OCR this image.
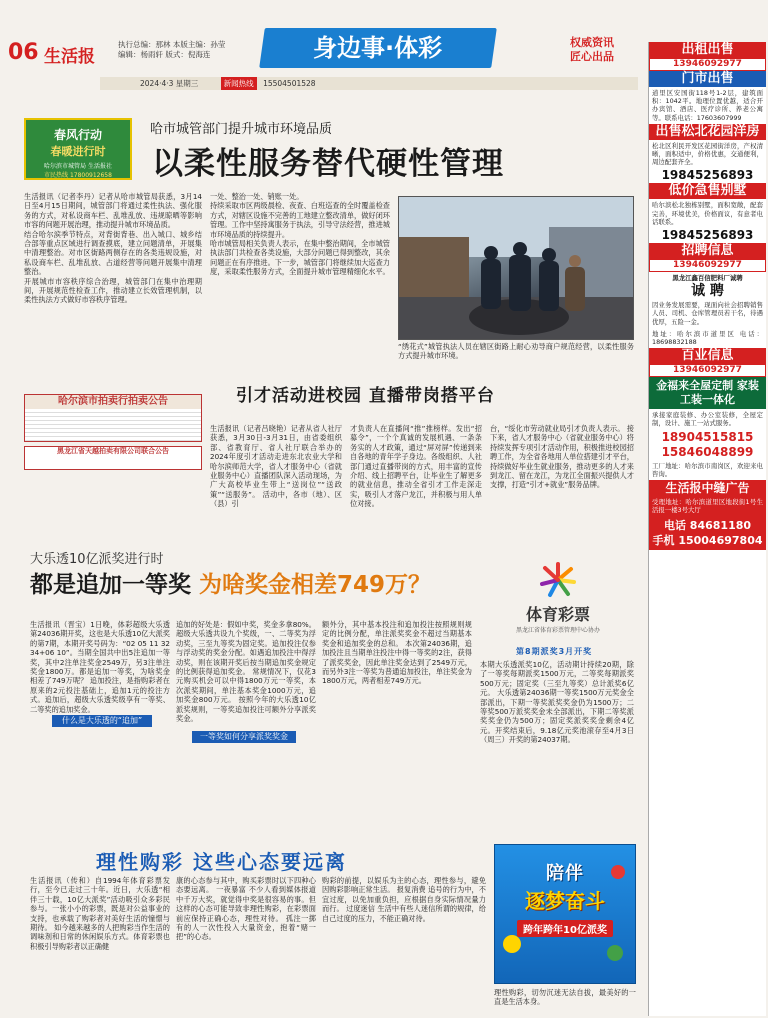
06 生活报
执行总编：那林 本版主编：孙莹
编辑：杨雨轩 版式：倪海连	身边事·体彩	权威资讯
匠心出品
2024·4·3 星期三	新闻热线 15504501528
春风行动
春暖进行时
哈尔滨市城管局 生活报社
市民热线 17800912658
哈市城管部门提升城市环境品质
以柔性服务替代硬性管理
生活报讯（记者李丹）记者从哈市城管局获悉，3月14日至4月15日期间，城管部门将通过柔性执法、强化服务的方式，对私设商车栏、乱堆乱放、违规晾晒等影响市容的问题开展治理，推动提升城市环境品质。
结合哈尔滨季节特点，对背街背巷、出入城口、城乡结合部等重点区域进行调查摸底，建立问题清单，开展集中清理整治。对市区街路两侧存在的各类违规设施，对私设商车栏、乱堆乱放、占道经营等问题开展集中清理整治。
开展城市市容秩序综合治理，城管部门在集中治理期间，开展规范性检查工作，推动建立长效管理机制，以柔性执法方式做好市容秩序管理。
一处、整治一处、销账一处。
持续采取市区两级晨检、夜查、白班巡查的全时覆盖检查方式，对辖区设施不完善的工地建立整改清单，做好闭环管理。工作中坚持寓服务于执法，引导守法经营，推进城市环境品质的持续提升。
哈市城管局相关负责人表示，在集中整治期间，全市城管执法部门共检查各类设施，大部分问题已得到整改，其余问题正在有序推进。下一步，城管部门将继续加大巡查力度，采取柔性服务方式，全面提升城市管理精细化水平。
“绣花式”城管执法人员在辖区街路上耐心劝导商户规范经营，以柔性服务方式提升城市环境。
哈尔滨市拍卖行拍卖公告
黑龙江省天越拍卖有限公司联合公告
引才活动进校园 直播带岗搭平台
生活报讯（记者吕晓艳）记者从省人社厅获悉，3月30日-3月31日，由省委组织部、省教育厅、省人社厅联合举办的2024年度引才活动走进东北农业大学和哈尔滨师范大学，省人才服务中心（省就业服务中心）直播团队深入活动现场，为广大高校毕业生带上“送岗位”“送政策”“送服务”。 活动中，各市（地）、区（县）引
才负责人在直播间“推”推榜样。发出“招募令”，一个个真诚的发展机遇、一条条务实的人才政策，通过“屏对屏”传递到来自各地的青年学子身边。各级组织、人社部门通过直播带岗的方式，用丰富的宣传介绍、线上招聘平台，让毕业生了解更多的就业信息，推动全省引才工作走深走实，吸引人才落户龙江，并积极与用人单位对接。
台，“绥化市劳动就业局引才负责人表示。 接下来，省人才服务中心（省就业服务中心）将持续发挥专项引才活动作用，积极推进校园招聘工作，为全省各地用人单位搭建引才平台，持续做好毕业生就业服务，推动更多的人才来到龙江、留在龙江，为龙江全面振兴提供人才支撑，打造“引才+就业”服务品牌。
大乐透10亿派奖进行时
都是追加一等奖 为啥奖金相差749万？
体育彩票
黑龙江省体育彩票管理中心协办
第8期派奖3月开奖
生活报讯（晋宝）1日晚，体彩超级大乐透第24036期开奖，这也是大乐透10亿大派奖的第7期，本期开奖号码为：“02 05 11 32 34+06 10”。当期全国共中出5注追加一等奖，其中2注单注奖金2549万，另3注单注奖金1800万。都是追加一等奖，为啥奖金相差了749万呢？ 追加投注，是指购彩者在原来的2元投注基础上，追加1元的投注方式。追加后，超级大乐透奖级享有一等奖、二等奖的追加奖金。
什么是大乐透的“追加”
追加的好处是：假如中奖，奖金多拿80%。超级大乐透共设九个奖级，一、二等奖为浮动奖，三至九等奖为固定奖。追加投注仅参与浮动奖的奖金分配。如遇追加投注中得浮动奖，则在该期开奖后按当期追加奖金规定的比例获得追加奖金。 常规情况下，仅花3元购买机会可以中得1800万元一等奖，本次派奖期间，单注基本奖金1000万元，追加奖金800万元。 按照今年的大乐透10亿派奖规则，一等奖追加投注可额外分享派奖奖金。
一等奖如何分享派奖奖金
额外分，其中基本投注和追加投注按照规则规定的比例分配，单注派奖奖金不超过当期基本奖金和追加奖金的总和。 本次第24036期，追加投注且当期单注投注中得一等奖的2注，获得了派奖奖金，因此单注奖金达到了2549万元，而另外3注一等奖为普通追加投注，单注奖金为1800万元，两者相差749万元。
本期大乐透派奖10亿，活动期计持续20期，除了一等奖每期派奖1500万元，二等奖每期派奖500万元；固定奖（三至九等奖）总计派奖6亿元。 大乐透第24036期一等奖1500万元奖金全部派出，下期一等奖派奖奖金仍为1500万；二等奖500万派奖奖金未全部派出，下期二等奖派奖奖金仍为500万；固定奖派奖奖金剩余4亿元。开奖结束后，9.18亿元奖池滚存至4月3日（周三）开奖的第24037期。
理性购彩 这些心态要远离
生活报讯（传和）自1994年体育彩票发行，至今已走过三十年。近日，大乐透“相伴三十载，10亿大派奖”活动吸引众多彩民参与。一张小小的彩票，既是对公益事业的支持，也承载了购彩者对美好生活的憧憬与期待。 如今越来越多的人把购彩当作生活的调味剂和日常的休闲娱乐方式。体育彩票也积极引导购彩者以正确健
康的心态参与其中，购买彩票时以下四种心态要远离。 一夜暴富 不少人看到媒体报道中千万大奖，就觉得中奖是很容易的事。但这样的心态可能导致非理性购彩，在彩票面前应保持正确心态，理性对待。 孤注一掷 有的人一次性投入大量资金，抱着“赌一把”的心态。
购彩的前提，以娱乐为主的心态，理性参与，避免因购彩影响正常生活。 报复消费 追号的行为中，不宜过度，以免加重负担，应根据自身实际情况量力而行。 过度迷信 生活中有些人迷信所谓的规律，给自己过度的压力，不能正确对待。
陪伴
逐梦奋斗
跨年跨年10亿派奖
理性购彩，切勿沉迷无法自拔，最美好的一直是生活本身。
出租出售
13946092977
门市出售
道里区安国街118号1-2层，建筑面积：1042平。地理位置优越，适合开办宾馆、酒店、医疗诊所、养老公寓等。联系电话：17603607999
出售松北花园洋房
松北区利民开发区花园街洋房，产权清晰，面积适中，价格优惠，交通便利，周边配套齐全。
19845256893
低价急售别墅
哈尔滨松北独栋别墅，面积宽敞，配套完善，环境优美，价格面议，有意者电话联系。
19845256893
招聘信息
13946092977
黑龙江鑫百信肥料厂诚聘
诚 聘
因业务发展需要，现面向社会招聘销售人员、司机、仓库管理员若干名，待遇优厚，五险一金。
地址：哈尔滨市道里区 电话：18698832188
百业信息
13946092977
金福来全屋定制 家装工装一体化
承接家庭装修、办公室装修，全屋定制，设计、施工一站式服务。
18904515815
15846048899
工厂地址：哈尔滨市南岗区，欢迎来电咨询。
生活报中缝广告
受理地址：哈尔滨道里区地段街1号生活报一楼3号大厅
电话 84681180
手机 15004697804
